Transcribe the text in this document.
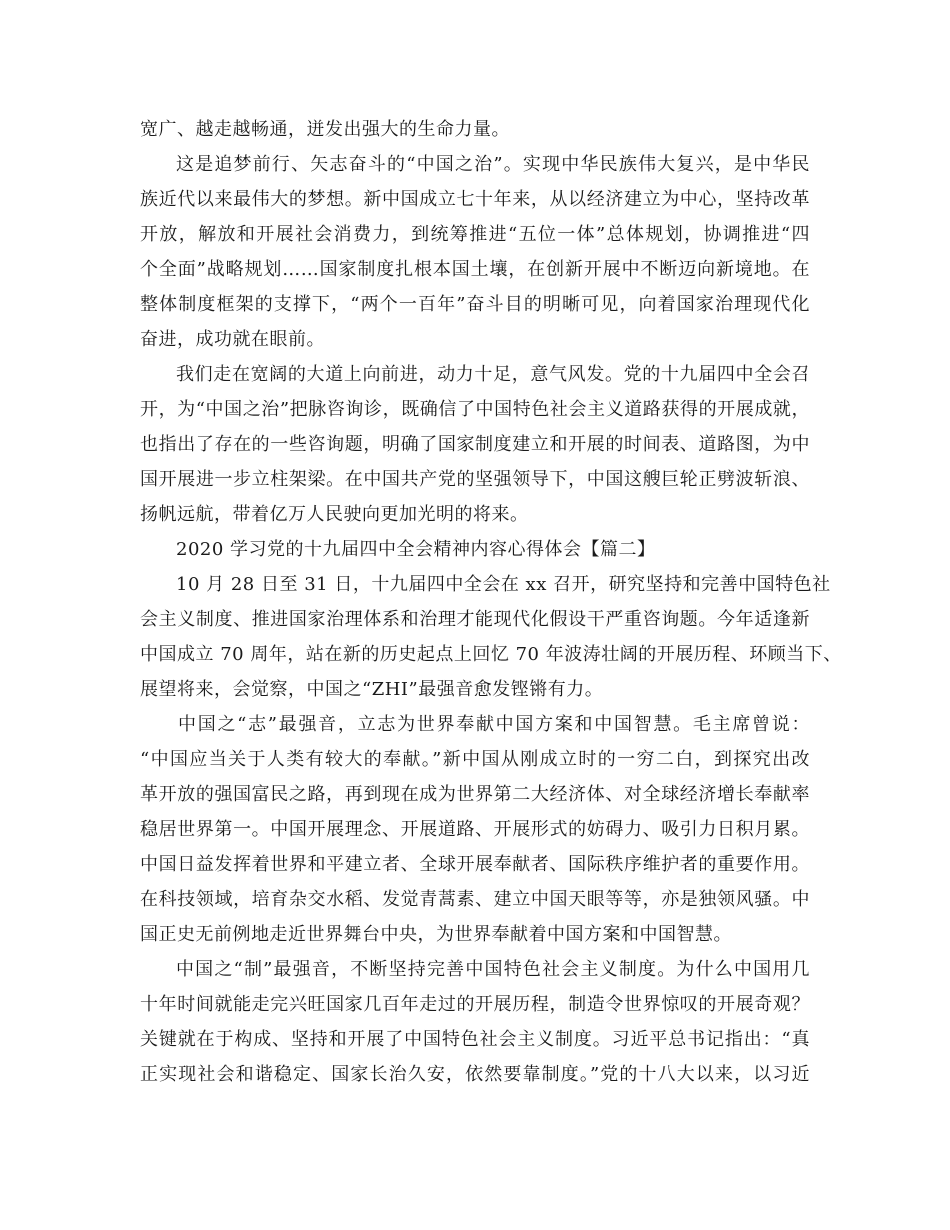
宽广、越走越畅通，迸发出强大的生命力量。
这是追梦前行、矢志奋斗的“中国之治”。实现中华民族伟大复兴，是中华民
族近代以来最伟大的梦想。新中国成立七十年来，从以经济建立为中心，坚持改革
开放，解放和开展社会消费力，到统筹推进“五位一体”总体规划，协调推进“四
个全面”战略规划……国家制度扎根本国土壤，在创新开展中不断迈向新境地。在
整体制度框架的支撑下，“两个一百年”奋斗目的明晰可见，向着国家治理现代化
奋进，成功就在眼前。
我们走在宽阔的大道上向前进，动力十足，意气风发。党的十九届四中全会召
开，为“中国之治”把脉咨询诊，既确信了中国特色社会主义道路获得的开展成就，
也指出了存在的一些咨询题，明确了国家制度建立和开展的时间表、道路图，为中
国开展进一步立柱架梁。在中国共产党的坚强领导下，中国这艘巨轮正劈波斩浪、
扬帆远航，带着亿万人民驶向更加光明的将来。
2020 学习党的十九届四中全会精神内容心得体会【篇二】
10 月 28 日至 31 日，十九届四中全会在 xx 召开，研究坚持和完善中国特色社
会主义制度、推进国家治理体系和治理才能现代化假设干严重咨询题。今年适逢新
中国成立 70 周年，站在新的历史起点上回忆 70 年波涛壮阔的开展历程、环顾当下、
展望将来，会觉察，中国之“ZHI”最强音愈发铿锵有力。
中国之“志”最强音，立志为世界奉献中国方案和中国智慧。毛主席曾说：
“中国应当关于人类有较大的奉献。”新中国从刚成立时的一穷二白，到探究出改
革开放的强国富民之路，再到现在成为世界第二大经济体、对全球经济增长奉献率
稳居世界第一。中国开展理念、开展道路、开展形式的妨碍力、吸引力日积月累。
中国日益发挥着世界和平建立者、全球开展奉献者、国际秩序维护者的重要作用。
在科技领域，培育杂交水稻、发觉青蒿素、建立中国天眼等等，亦是独领风骚。中
国正史无前例地走近世界舞台中央，为世界奉献着中国方案和中国智慧。
中国之“制”最强音，不断坚持完善中国特色社会主义制度。为什么中国用几
十年时间就能走完兴旺国家几百年走过的开展历程，制造令世界惊叹的开展奇观？
关键就在于构成、坚持和开展了中国特色社会主义制度。习近平总书记指出：“真
正实现社会和谐稳定、国家长治久安，依然要靠制度。”党的十八大以来，以习近
